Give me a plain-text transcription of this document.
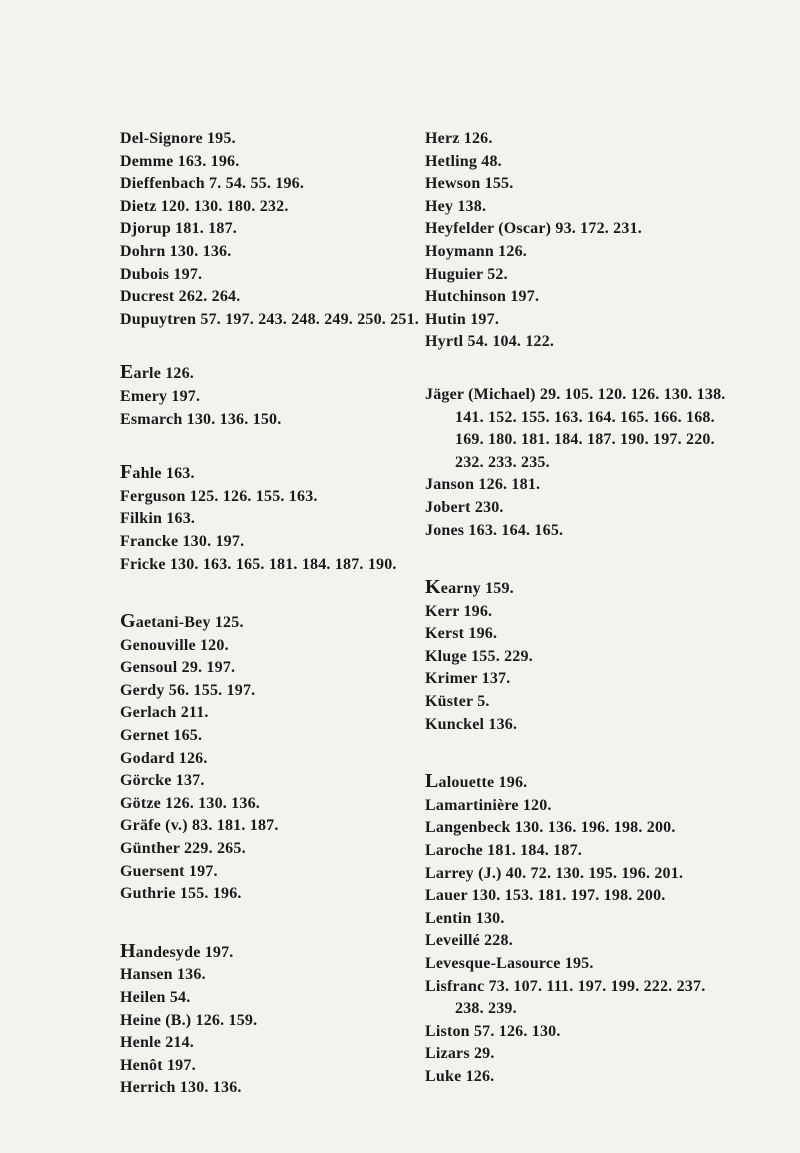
Del-Signore 195.
Demme 163. 196.
Dieffenbach 7. 54. 55. 196.
Dietz 120. 130. 180. 232.
Djorup 181. 187.
Dohrn 130. 136.
Dubois 197.
Ducrest 262. 264.
Dupuytren 57. 197. 243. 248. 249. 250. 251.
Earle 126.
Emery 197.
Esmarch 130. 136. 150.
Fahle 163.
Ferguson 125. 126. 155. 163.
Filkin 163.
Francke 130. 197.
Fricke 130. 163. 165. 181. 184. 187. 190.
Gaetani-Bey 125.
Genouville 120.
Gensoul 29. 197.
Gerdy 56. 155. 197.
Gerlach 211.
Gernet 165.
Godard 126.
Görcke 137.
Götze 126. 130. 136.
Gräfe (v.) 83. 181. 187.
Günther 229. 265.
Guersent 197.
Guthrie 155. 196.
Handesyde 197.
Hansen 136.
Heilen 54.
Heine (B.) 126. 159.
Henle 214.
Henôt 197.
Herrich 130. 136.
Herz 126.
Hetling 48.
Hewson 155.
Hey 138.
Heyfelder (Oscar) 93. 172. 231.
Hoymann 126.
Huguier 52.
Hutchinson 197.
Hutin 197.
Hyrtl 54. 104. 122.
Jäger (Michael) 29. 105. 120. 126. 130. 138.
141. 152. 155. 163. 164. 165. 166. 168.
169. 180. 181. 184. 187. 190. 197. 220.
232. 233. 235.
Janson 126. 181.
Jobert 230.
Jones 163. 164. 165.
Kearny 159.
Kerr 196.
Kerst 196.
Kluge 155. 229.
Krimer 137.
Küster 5.
Kunckel 136.
Lalouette 196.
Lamartinière 120.
Langenbeck 130. 136. 196. 198. 200.
Laroche 181. 184. 187.
Larrey (J.) 40. 72. 130. 195. 196. 201.
Lauer 130. 153. 181. 197. 198. 200.
Lentin 130.
Leveillé 228.
Levesque-Lasource 195.
Lisfranc 73. 107. 111. 197. 199. 222. 237.
238. 239.
Liston 57. 126. 130.
Lizars 29.
Luke 126.
